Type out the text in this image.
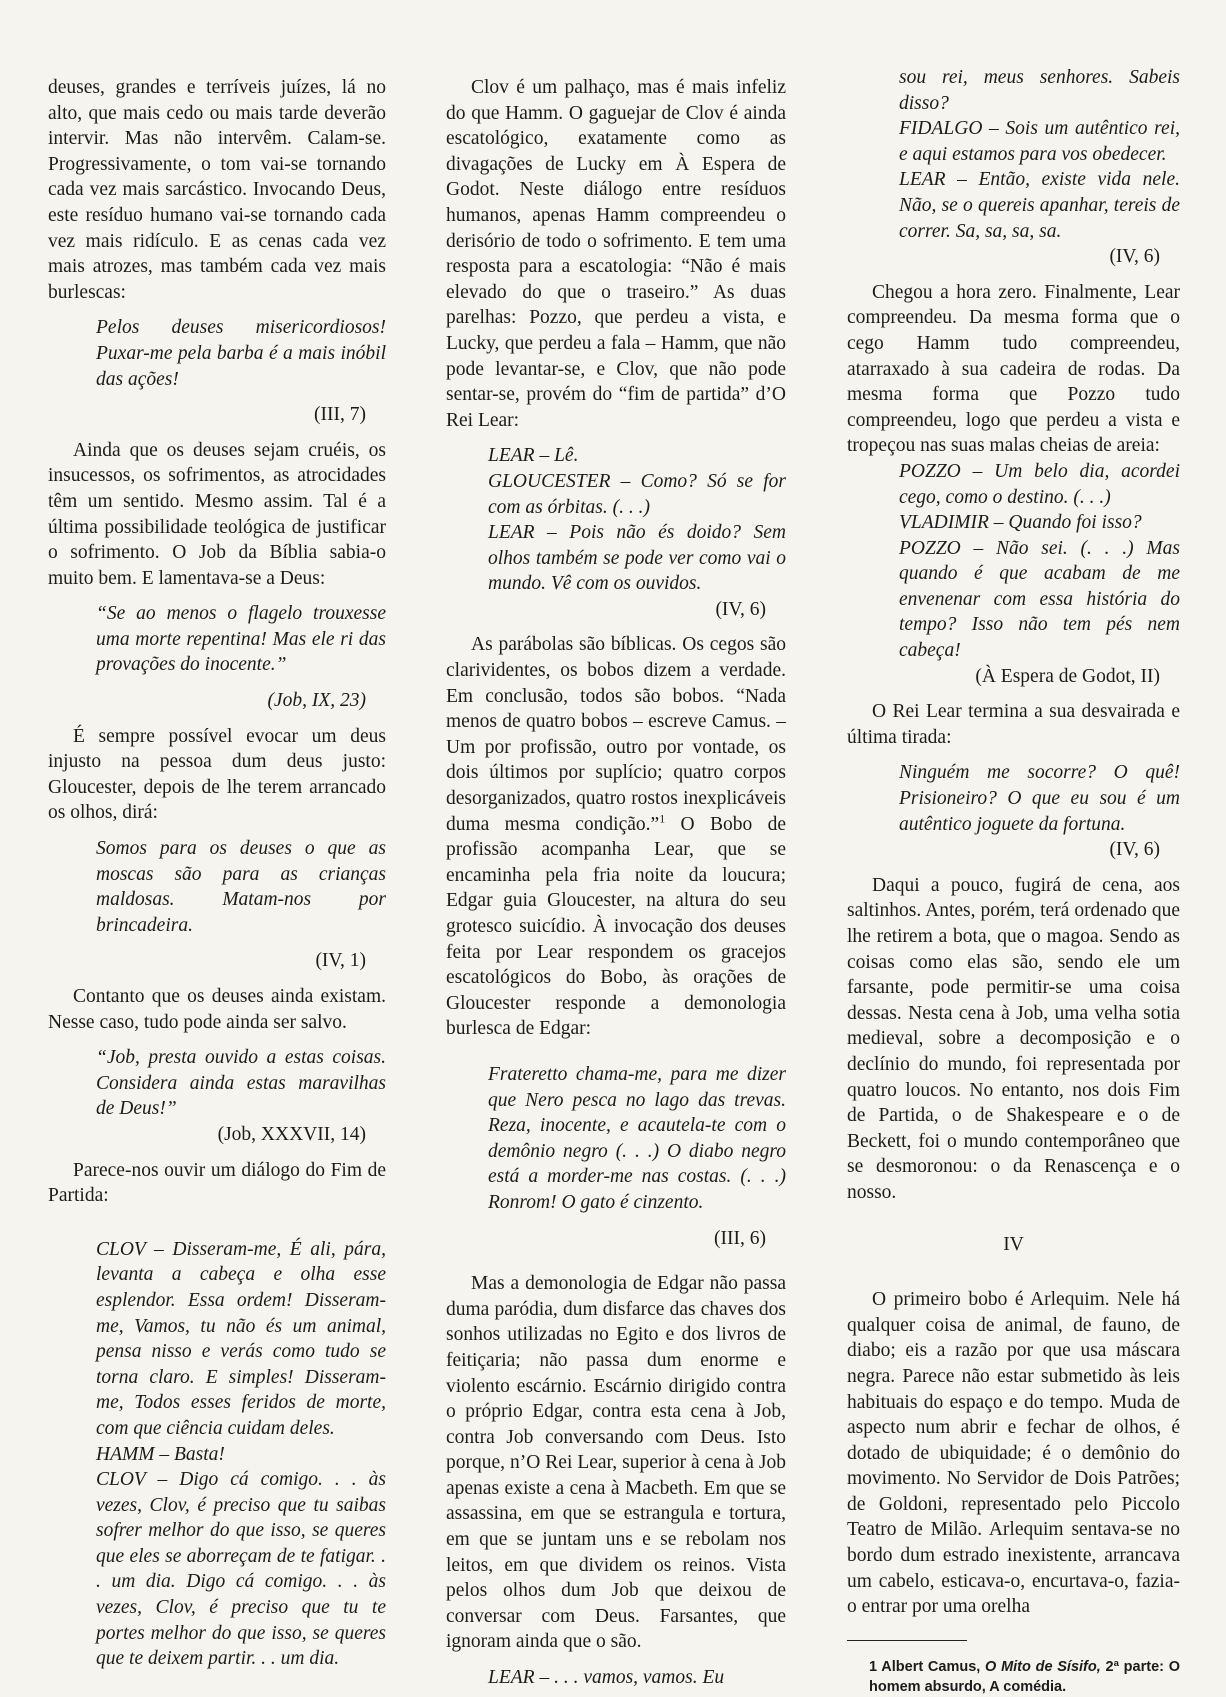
deuses, grandes e terríveis juízes, lá no alto, que mais cedo ou mais tarde deverão intervir. Mas não intervêm. Calam-se. Progressivamente, o tom vai-se tornando cada vez mais sarcástico. Invocando Deus, este resíduo humano vai-se tornando cada vez mais ridículo. E as cenas cada vez mais atrozes, mas também cada vez mais burlescas:

Pelos deuses misericordiosos! Puxar-me pela barba é a mais inóbil das ações!

(III, 7)

Ainda que os deuses sejam cruéis, os insucessos, os sofrimentos, as atrocidades têm um sentido. Mesmo assim. Tal é a última possibilidade teológica de justificar o sofrimento. O Job da Bíblia sabia-o muito bem. E lamentava-se a Deus:

“Se ao menos o flagelo trouxesse uma morte repentina! Mas ele ri das provações do inocente.”

(Job, IX, 23)

É sempre possível evocar um deus injusto na pessoa dum deus justo: Gloucester, depois de lhe terem arrancado os olhos, dirá:

Somos para os deuses o que as moscas são para as crianças maldosas. Matam-nos por brincadeira.

(IV, 1)

Contanto que os deuses ainda existam. Nesse caso, tudo pode ainda ser salvo.

“Job, presta ouvido a estas coisas. Considera ainda estas maravilhas de Deus!”

(Job, XXXVII, 14)

Parece-nos ouvir um diálogo do Fim de Partida:

CLOV – Disseram-me, É ali, pára, levanta a cabeça e olha esse esplendor. Essa ordem! Disseram-me, Vamos, tu não és um animal, pensa nisso e verás como tudo se torna claro. E simples! Disseram-me, Todos esses feridos de morte, com que ciência cuidam deles.

HAMM – Basta!

CLOV – Digo cá comigo. . . às vezes, Clov, é preciso que tu saibas sofrer melhor do que isso, se queres que eles se aborreçam de te fatigar. . . um dia. Digo cá comigo. . . às vezes, Clov, é preciso que tu te portes melhor do que isso, se queres que te deixem partir. . . um dia.

Clov é um palhaço, mas é mais infeliz do que Hamm. O gaguejar de Clov é ainda escatológico, exatamente como as divagações de Lucky em À Espera de Godot. Neste diálogo entre resíduos humanos, apenas Hamm compreendeu o derisório de todo o sofrimento. E tem uma resposta para a escatologia: “Não é mais elevado do que o traseiro.” As duas parelhas: Pozzo, que perdeu a vista, e Lucky, que perdeu a fala – Hamm, que não pode levantar-se, e Clov, que não pode sentar-se, provém do “fim de partida” d’O Rei Lear:

LEAR – Lê.

GLOUCESTER – Como? Só se for com as órbitas. (. . .)

LEAR – Pois não és doido? Sem olhos também se pode ver como vai o mundo. Vê com os ouvidos.

(IV, 6)

As parábolas são bíblicas. Os cegos são clarividentes, os bobos dizem a verdade. Em conclusão, todos são bobos. “Nada menos de quatro bobos – escreve Camus. – Um por profissão, outro por vontade, os dois últimos por suplício; quatro corpos desorganizados, quatro rostos inexplicáveis duma mesma condição.”$^1$ O Bobo de profissão acompanha Lear, que se encaminha pela fria noite da loucura; Edgar guia Gloucester, na altura do seu grotesco suicídio. À invocação dos deuses feita por Lear respondem os gracejos escatológicos do Bobo, às orações de Gloucester responde a demonologia burlesca de Edgar:

Frateretto chama-me, para me dizer que Nero pesca no lago das trevas. Reza, inocente, e acautela-te com o demônio negro (. . .) O diabo negro está a morder-me nas costas. (. . .) Ronrom! O gato é cinzento.

(III, 6)

Mas a demonologia de Edgar não passa duma paródia, dum disfarce das chaves dos sonhos utilizadas no Egito e dos livros de feitiçaria; não passa dum enorme e violento escárnio. Escárnio dirigido contra o próprio Edgar, contra esta cena à Job, contra Job conversando com Deus. Isto porque, n’O Rei Lear, superior à cena à Job apenas existe a cena à Macbeth. Em que se assassina, em que se estrangula e tortura, em que se juntam uns e se rebolam nos leitos, em que dividem os reinos. Vista pelos olhos dum Job que deixou de conversar com Deus. Farsantes, que ignoram ainda que o são.

LEAR – . . . vamos, vamos. Eu

sou rei, meus senhores. Sabeis disso?

FIDALGO – Sois um autêntico rei, e aqui estamos para vos obedecer.

LEAR – Então, existe vida nele. Não, se o quereis apanhar, tereis de correr. Sa, sa, sa, sa.

(IV, 6)

Chegou a hora zero. Finalmente, Lear compreendeu. Da mesma forma que o cego Hamm tudo compreendeu, atarraxado à sua cadeira de rodas. Da mesma forma que Pozzo tudo compreendeu, logo que perdeu a vista e tropeçou nas suas malas cheias de areia:

POZZO – Um belo dia, acordei cego, como o destino. (. . .)

VLADIMIR – Quando foi isso?

POZZO – Não sei. (. . .) Mas quando é que acabam de me envenenar com essa história do tempo? Isso não tem pés nem cabeça!

(À Espera de Godot, II)

O Rei Lear termina a sua desvairada e última tirada:

Ninguém me socorre? O quê! Prisioneiro? O que eu sou é um autêntico joguete da fortuna.

(IV, 6)

Daqui a pouco, fugirá de cena, aos saltinhos. Antes, porém, terá ordenado que lhe retirem a bota, que o magoa. Sendo as coisas como elas são, sendo ele um farsante, pode permitir-se uma coisa dessas. Nesta cena à Job, uma velha sotia medieval, sobre a decomposição e o declínio do mundo, foi representada por quatro loucos. No entanto, nos dois Fim de Partida, o de Shakespeare e o de Beckett, foi o mundo contemporâneo que se desmoronou: o da Renascença e o nosso.

IV

O primeiro bobo é Arlequim. Nele há qualquer coisa de animal, de fauno, de diabo; eis a razão por que usa máscara negra. Parece não estar submetido às leis habituais do espaço e do tempo. Muda de aspecto num abrir e fechar de olhos, é dotado de ubiquidade; é o demônio do movimento. No Servidor de Dois Patrões; de Goldoni, representado pelo Piccolo Teatro de Milão. Arlequim sentava-se no bordo dum estrado inexistente, arrancava um cabelo, esticava-o, encurtava-o, fazia-o entrar por uma orelha

1 Albert Camus, O Mito de Sísifo, 2ª parte: O homem absurdo, A comédia.
